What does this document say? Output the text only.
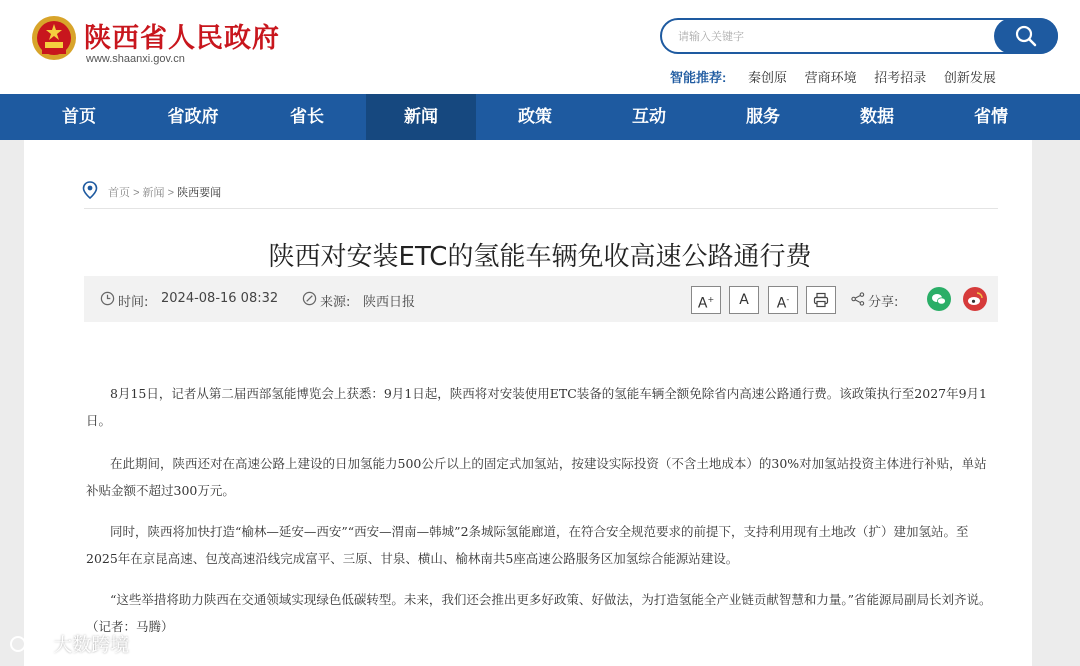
陕西省人民政府
www.shaanxi.gov.cn
请输入关键字
智能推荐: 秦创原 营商环境 招考招录 创新发展
首页	省政府	省长	新闻	政策	互动	服务	数据	省情
首页 > 新闻 > 陕西要闻
陕西对安装ETC的氢能车辆免收高速公路通行费
时间: 2024-08-16 08:32	来源: 陕西日报	A+	A	A-	分享:

8月15日，记者从第二届西部氢能博览会上获悉：9月1日起，陕西将对安装使用ETC装备的氢能车辆全额免除省内高速公路通行费。该政策执行至2027年9月1日。

在此期间，陕西还对在高速公路上建设的日加氢能力500公斤以上的固定式加氢站，按建设实际投资（不含土地成本）的30%对加氢站投资主体进行补贴，单站补贴金额不超过300万元。

同时，陕西将加快打造“榆林—延安—西安”“西安—渭南—韩城”2条城际氢能廊道，在符合安全规范要求的前提下，支持利用现有土地改（扩）建加氢站。至2025年在京昆高速、包茂高速沿线完成富平、三原、甘泉、横山、榆林南共5座高速公路服务区加氢综合能源站建设。

“这些举措将助力陕西在交通领域实现绿色低碳转型。未来，我们还会推出更多好政策、好做法，为打造氢能全产业链贡献智慧和力量。”省能源局副局长刘齐说。（记者：马腾）

大数跨境
